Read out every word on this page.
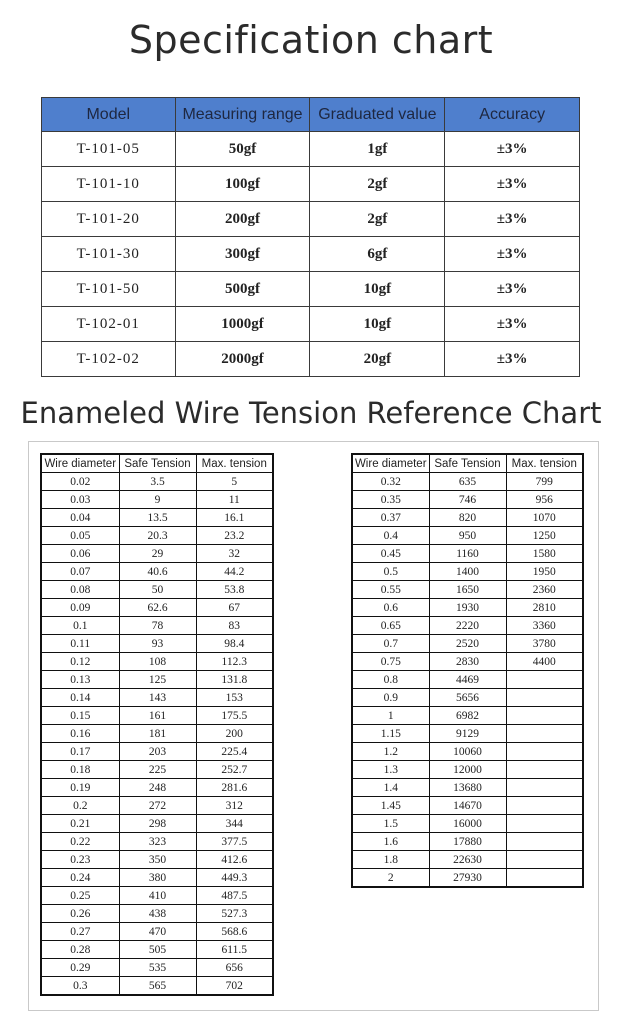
Specification chart
Model	Measuring range	Graduated value	Accuracy
T-101-05	50gf	1gf	±3%
T-101-10	100gf	2gf	±3%
T-101-20	200gf	2gf	±3%
T-101-30	300gf	6gf	±3%
T-101-50	500gf	10gf	±3%
T-102-01	1000gf	10gf	±3%
T-102-02	2000gf	20gf	±3%
Enameled Wire Tension Reference Chart
Wire diameter	Safe Tension	Max. tension
0.02	3.5	5
0.03	9	11
0.04	13.5	16.1
0.05	20.3	23.2
0.06	29	32
0.07	40.6	44.2
0.08	50	53.8
0.09	62.6	67
0.1	78	83
0.11	93	98.4
0.12	108	112.3
0.13	125	131.8
0.14	143	153
0.15	161	175.5
0.16	181	200
0.17	203	225.4
0.18	225	252.7
0.19	248	281.6
0.2	272	312
0.21	298	344
0.22	323	377.5
0.23	350	412.6
0.24	380	449.3
0.25	410	487.5
0.26	438	527.3
0.27	470	568.6
0.28	505	611.5
0.29	535	656
0.3	565	702
Wire diameter	Safe Tension	Max. tension
0.32	635	799
0.35	746	956
0.37	820	1070
0.4	950	1250
0.45	1160	1580
0.5	1400	1950
0.55	1650	2360
0.6	1930	2810
0.65	2220	3360
0.7	2520	3780
0.75	2830	4400
0.8	4469	
0.9	5656	
1	6982	
1.15	9129	
1.2	10060	
1.3	12000	
1.4	13680	
1.45	14670	
1.5	16000	
1.6	17880	
1.8	22630	
2	27930	
